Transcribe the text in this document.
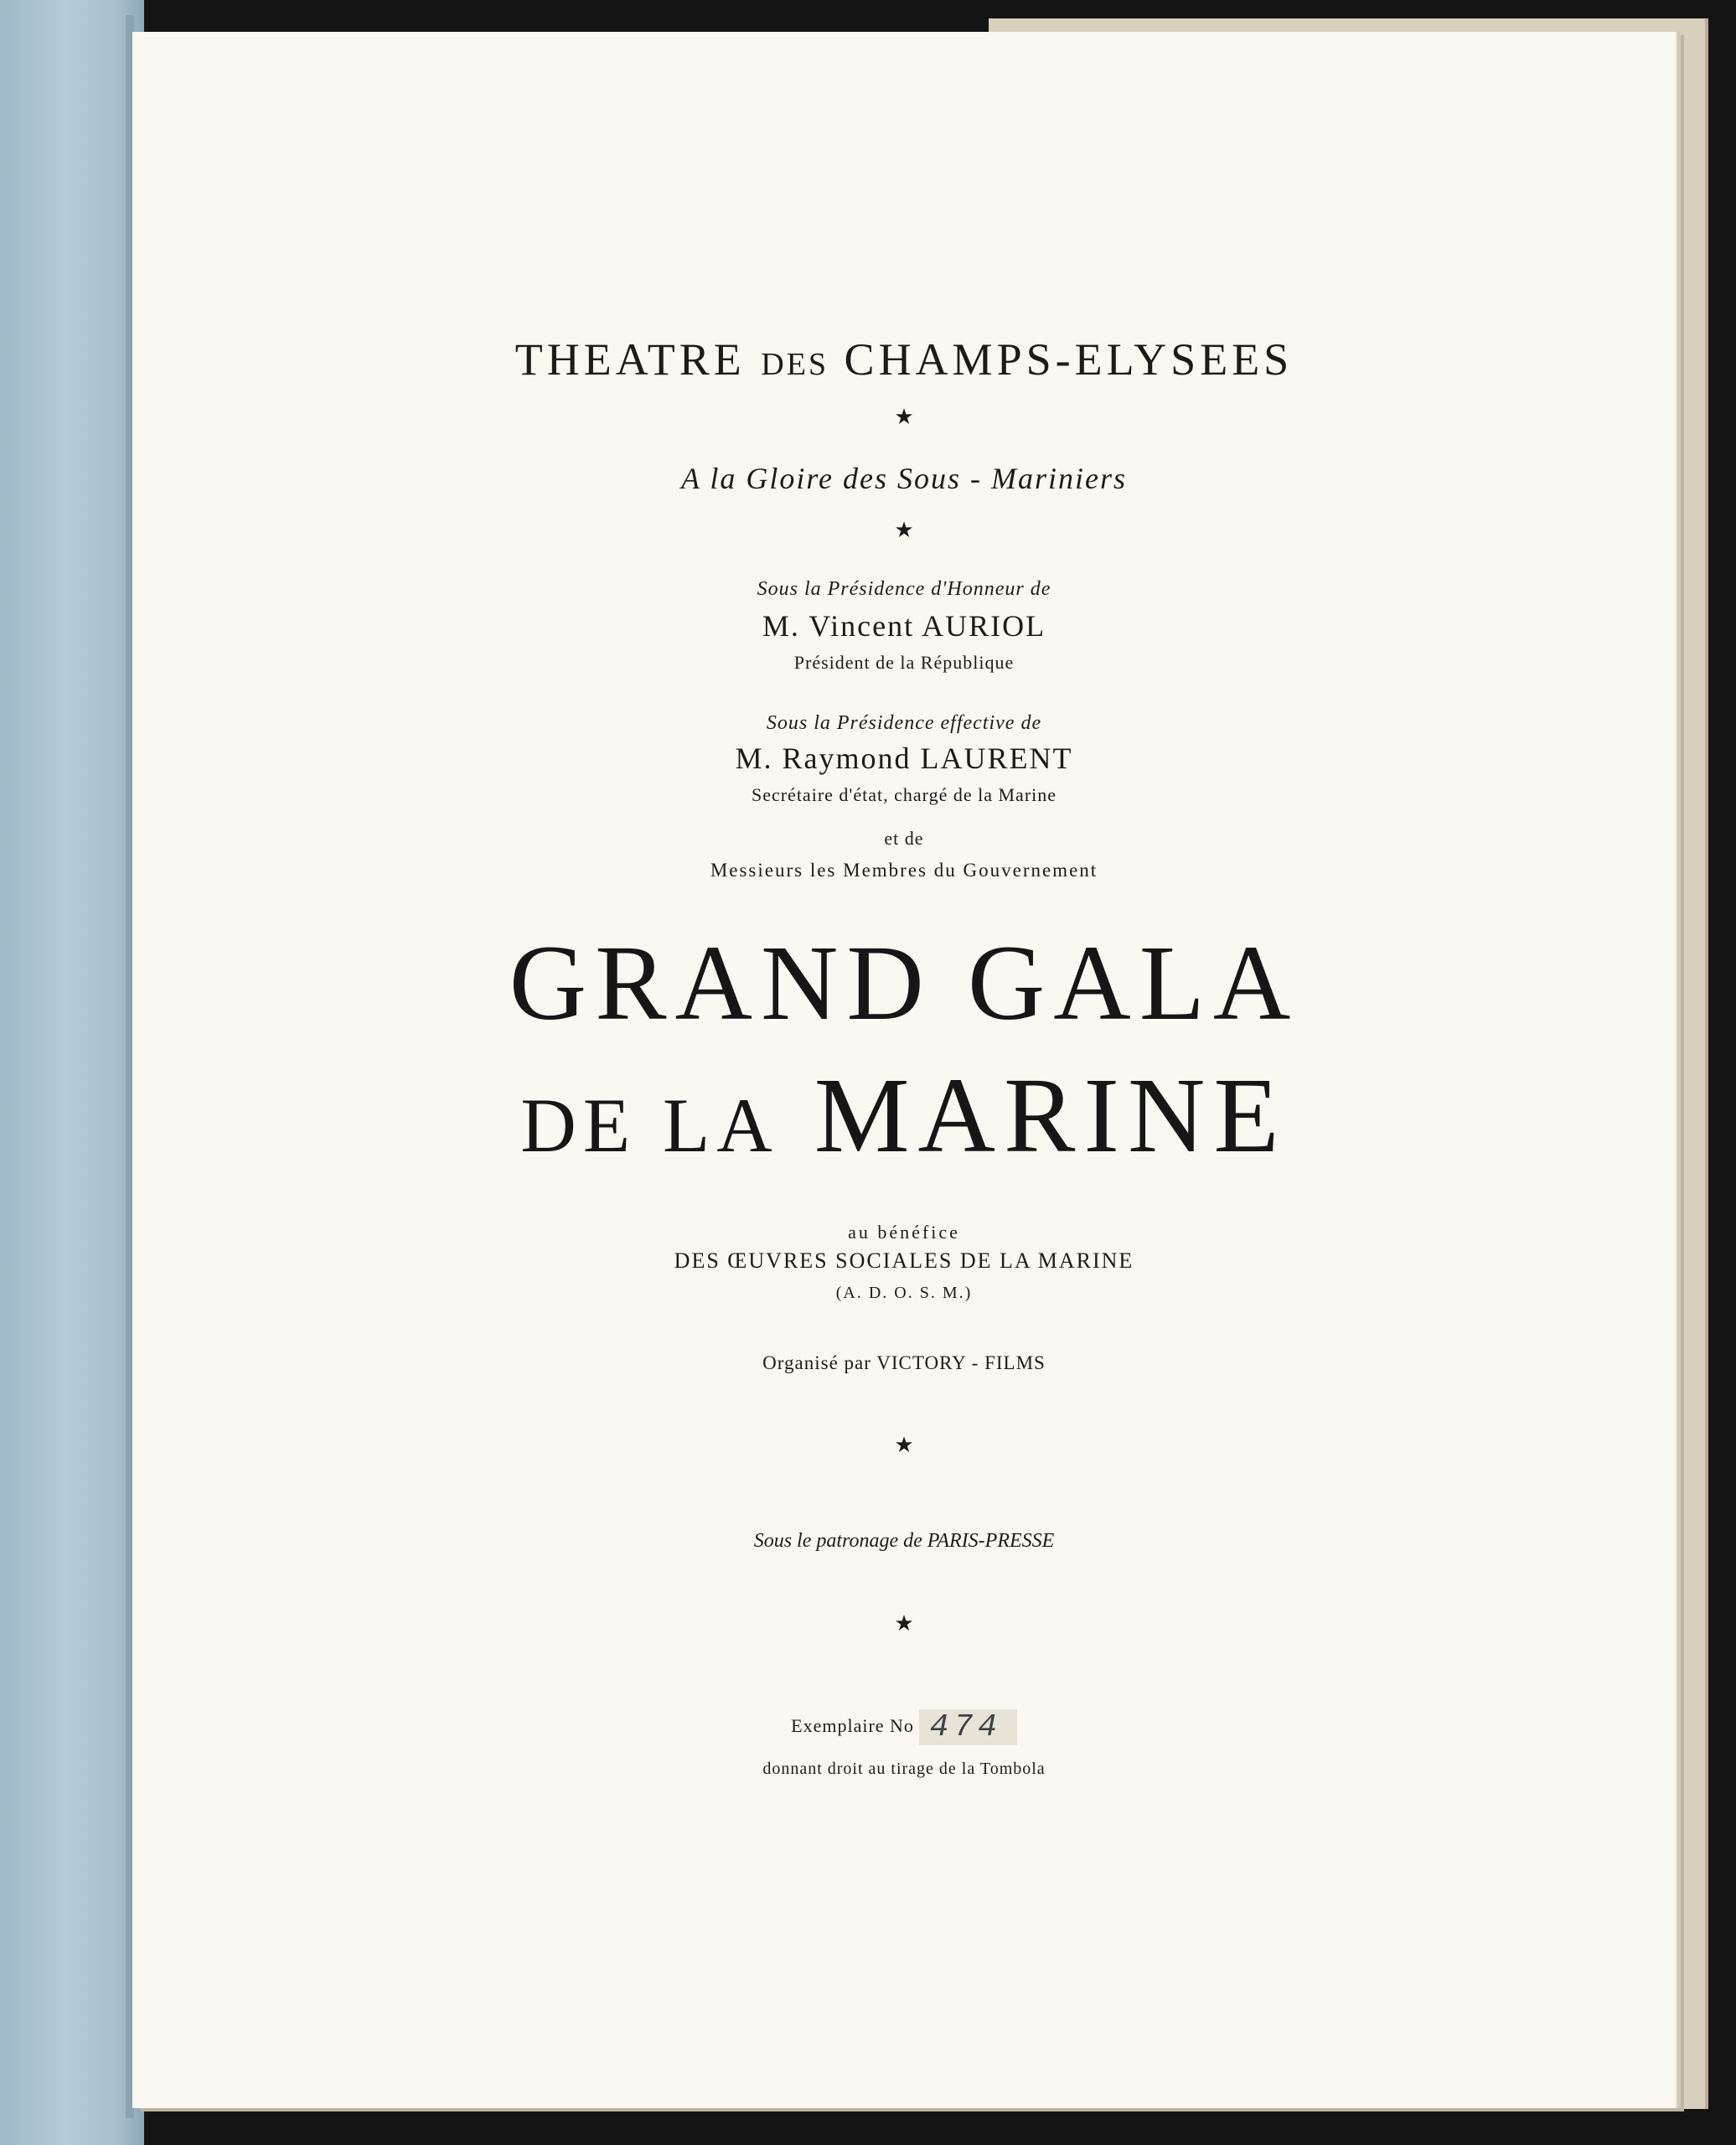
THEATRE DES CHAMPS-ELYSEES
★
A la Gloire des Sous - Mariniers
★
Sous la Présidence d'Honneur de
M. Vincent AURIOL
Président de la République
Sous la Présidence effective de
M. Raymond LAURENT
Secrétaire d'état, chargé de la Marine
et de
Messieurs les Membres du Gouvernement
GRAND GALA
DE LA MARINE
au bénéfice
DES ŒUVRES SOCIALES DE LA MARINE
(A. D. O. S. M.)
Organisé par VICTORY - FILMS
★
Sous le patronage de PARIS-PRESSE
★
Exemplaire No 474
donnant droit au tirage de la Tombola
